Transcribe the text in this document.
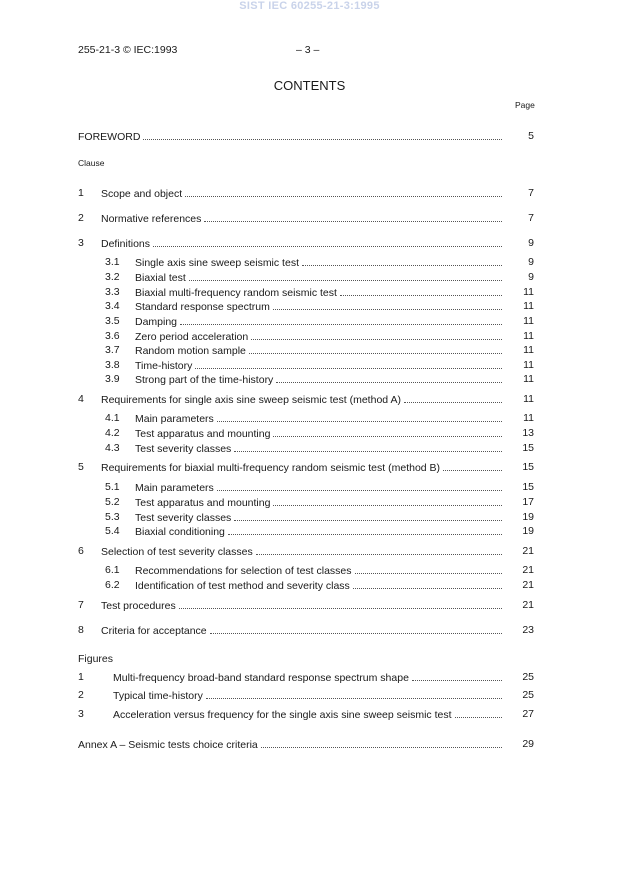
SIST IEC 60255-21-3:1995
255-21-3 © IEC:1993	– 3 –
CONTENTS
Page
FOREWORD	5
Clause
1 Scope and object	7
2 Normative references	7
3 Definitions	9
3.1 Single axis sine sweep seismic test	9
3.2 Biaxial test	9
3.3 Biaxial multi-frequency random seismic test	11
3.4 Standard response spectrum	11
3.5 Damping	11
3.6 Zero period acceleration	11
3.7 Random motion sample	11
3.8 Time-history	11
3.9 Strong part of the time-history	11
4 Requirements for single axis sine sweep seismic test (method A)	11
4.1 Main parameters	11
4.2 Test apparatus and mounting	13
4.3 Test severity classes	15
5 Requirements for biaxial multi-frequency random seismic test (method B)	15
5.1 Main parameters	15
5.2 Test apparatus and mounting	17
5.3 Test severity classes	19
5.4 Biaxial conditioning	19
6 Selection of test severity classes	21
6.1 Recommendations for selection of test classes	21
6.2 Identification of test method and severity class	21
7 Test procedures	21
8 Criteria for acceptance	23
Figures
1	Multi-frequency broad-band standard response spectrum shape	25
2	Typical time-history	25
3	Acceleration versus frequency for the single axis sine sweep seismic test	27
Annex A – Seismic tests choice criteria	29
